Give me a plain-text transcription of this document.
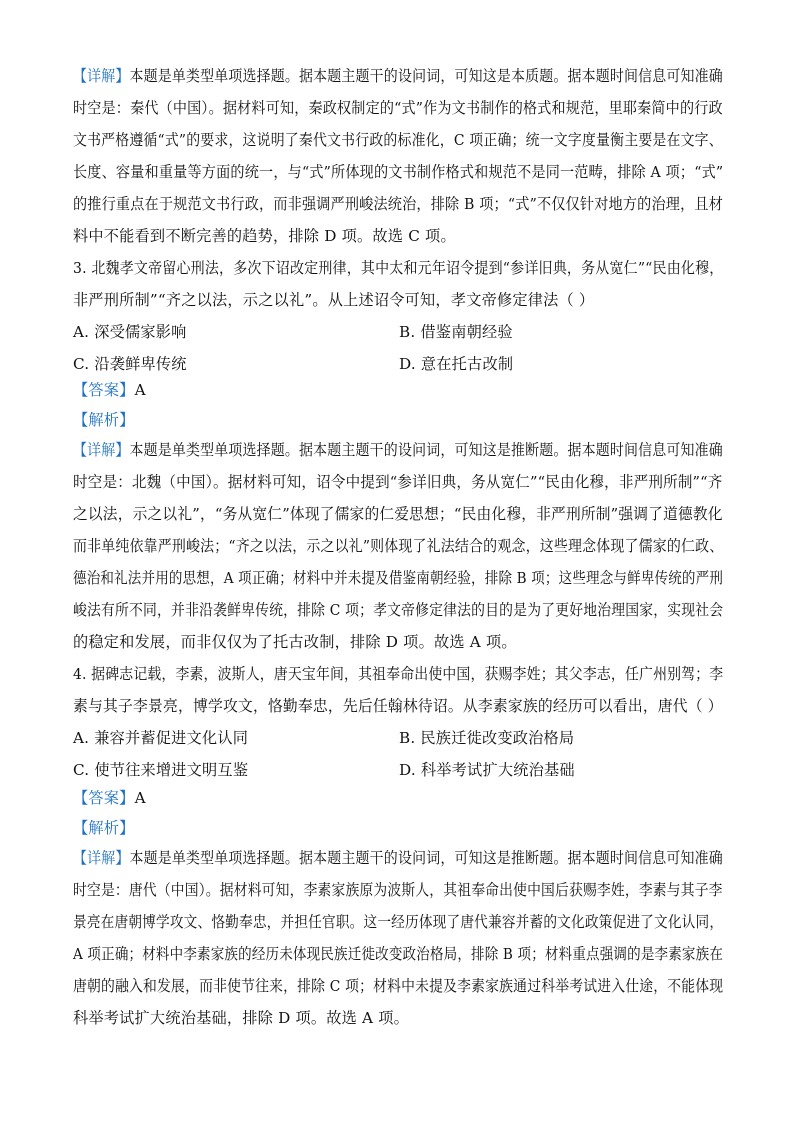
【详解】本题是单类型单项选择题。据本题主题干的设问词，可知这是本质题。据本题时间信息可知准确
时空是：秦代（中国）。据材料可知，秦政权制定的“式”作为文书制作的格式和规范，里耶秦简中的行政
文书严格遵循“式”的要求，这说明了秦代文书行政的标准化，C 项正确；统一文字度量衡主要是在文字、
长度、容量和重量等方面的统一，与“式”所体现的文书制作格式和规范不是同一范畴，排除 A 项；“式”
的推行重点在于规范文书行政，而非强调严刑峻法统治，排除 B 项；“式”不仅仅针对地方的治理，且材
料中不能看到不断完善的趋势，排除 D 项。故选 C 项。
3. 北魏孝文帝留心刑法，多次下诏改定刑律，其中太和元年诏令提到“参详旧典，务从宽仁”“民由化穆，
非严刑所制”“齐之以法，示之以礼”。从上述诏令可知，孝文帝修定律法（ ）
A. 深受儒家影响	B. 借鉴南朝经验
C. 沿袭鲜卑传统	D. 意在托古改制
【答案】A
【解析】
【详解】本题是单类型单项选择题。据本题主题干的设问词，可知这是推断题。据本题时间信息可知准确
时空是：北魏（中国）。据材料可知，诏令中提到“参详旧典，务从宽仁”“民由化穆，非严刑所制”“齐
之以法，示之以礼”，“务从宽仁”体现了儒家的仁爱思想；“民由化穆，非严刑所制”强调了道德教化
而非单纯依靠严刑峻法；“齐之以法，示之以礼”则体现了礼法结合的观念，这些理念体现了儒家的仁政、
德治和礼法并用的思想，A 项正确；材料中并未提及借鉴南朝经验，排除 B 项；这些理念与鲜卑传统的严刑
峻法有所不同，并非沿袭鲜卑传统，排除 C 项；孝文帝修定律法的目的是为了更好地治理国家，实现社会
的稳定和发展，而非仅仅为了托古改制，排除 D 项。故选 A 项。
4. 据碑志记载，李素，波斯人，唐天宝年间，其祖奉命出使中国，获赐李姓；其父李志，任广州别驾；李
素与其子李景亮，博学攻文，恪勤奉忠，先后任翰林待诏。从李素家族的经历可以看出，唐代（ ）
A. 兼容并蓄促进文化认同	B. 民族迁徙改变政治格局
C. 使节往来增进文明互鉴	D. 科举考试扩大统治基础
【答案】A
【解析】
【详解】本题是单类型单项选择题。据本题主题干的设问词，可知这是推断题。据本题时间信息可知准确
时空是：唐代（中国）。据材料可知，李素家族原为波斯人，其祖奉命出使中国后获赐李姓，李素与其子李
景亮在唐朝博学攻文、恪勤奉忠，并担任官职。这一经历体现了唐代兼容并蓄的文化政策促进了文化认同，
A 项正确；材料中李素家族的经历未体现民族迁徙改变政治格局，排除 B 项；材料重点强调的是李素家族在
唐朝的融入和发展，而非使节往来，排除 C 项；材料中未提及李素家族通过科举考试进入仕途，不能体现
科举考试扩大统治基础，排除 D 项。故选 A 项。
